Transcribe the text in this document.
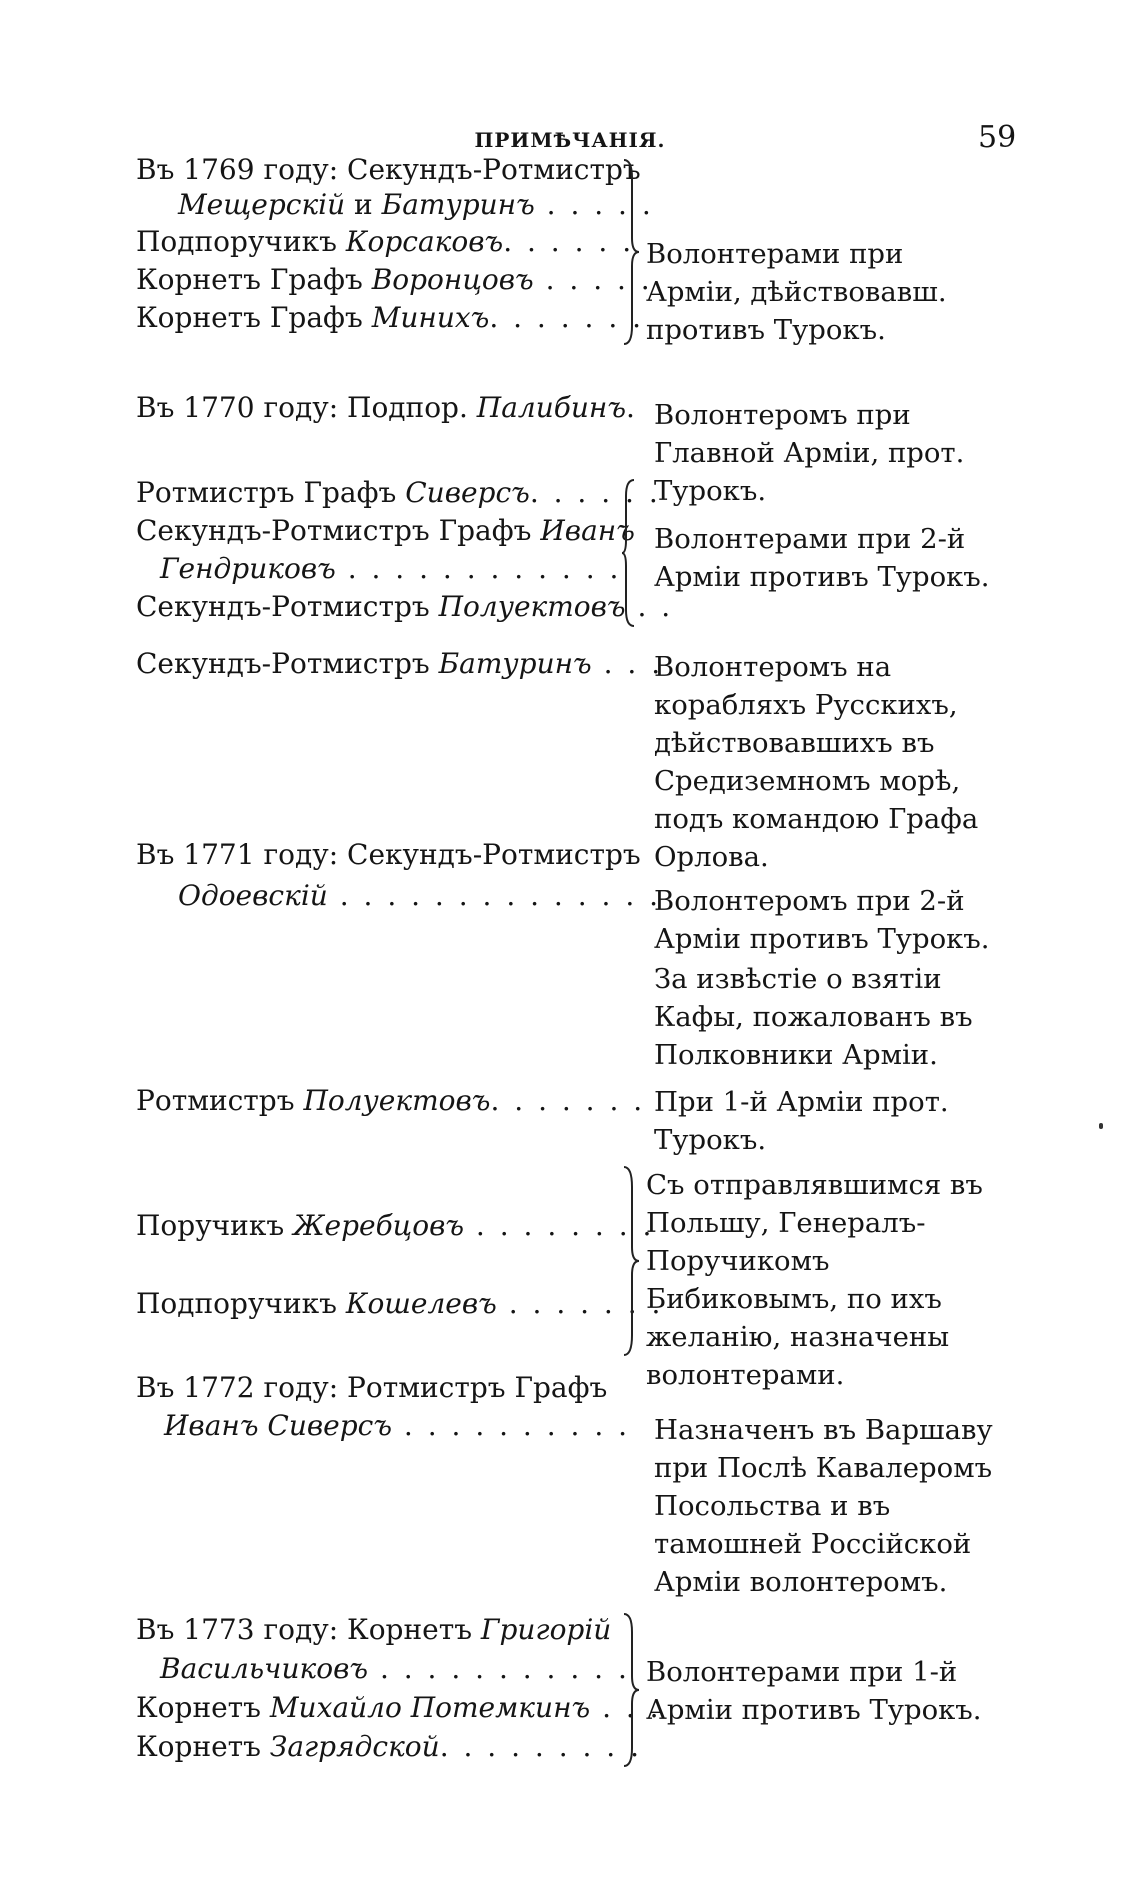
ПРИМѢЧАНІЯ.	59
Въ 1769 году: Секундъ-Ротмистръ
Мещерскій и Батуринъ . . . . .
Подпоручикъ Корсаковъ. . . . . .
Корнетъ Графъ Воронцовъ . . . . .
Корнетъ Графъ Минихъ. . . . . . .
Волонтерами при Арміи, дѣйствовавш. противъ Турокъ.
Въ 1770 году: Подпор. Палибинъ. Волонтеромъ при Главной Арміи, прот. Турокъ.
Ротмистръ Графъ Сиверсъ. . . . . .
Секундъ-Ротмистръ Графъ Иванъ
Гендриковъ . . . . . . . . . . . .
Секундъ-Ротмистръ Полуектовъ . .
Волонтерами при 2-й Арміи противъ Турокъ.
Секундъ-Ротмистръ Батуринъ . . .
Волонтеромъ на корабляхъ Русскихъ, дѣйствовавшихъ въ Средиземномъ морѣ, подъ командою Графа Орлова.
Въ 1771 году: Секундъ-Ротмистръ
Одоевскій . . . . . . . . . . . . . .
Волонтеромъ при 2-й Арміи противъ Турокъ.
За извѣстіе о взятіи Кафы, пожалованъ въ Полковники Арміи.
Ротмистръ Полуектовъ. . . . . . . При 1-й Арміи прот. Турокъ.
Поручикъ Жеребцовъ . . . . . . . .
Подпоручикъ Кошелевъ . . . . . . .
Съ отправлявшимся въ Польшу, Генералъ-Поручикомъ Бибиковымъ, по ихъ желанію, назначены волонтерами.
Въ 1772 году: Ротмистръ Графъ
Иванъ Сиверсъ . . . . . . . . . . Назначенъ въ Варшаву при Послѣ Кавалеромъ Посольства и въ тамошней Россійской Арміи волонтеромъ.
Въ 1773 году: Корнетъ Григорій
Васильчиковъ . . . . . . . . . . .
Корнетъ Михайло Потемкинъ . . .
Корнетъ Загрядской. . . . . . . . .
Волонтерами при 1-й Арміи противъ Турокъ.
